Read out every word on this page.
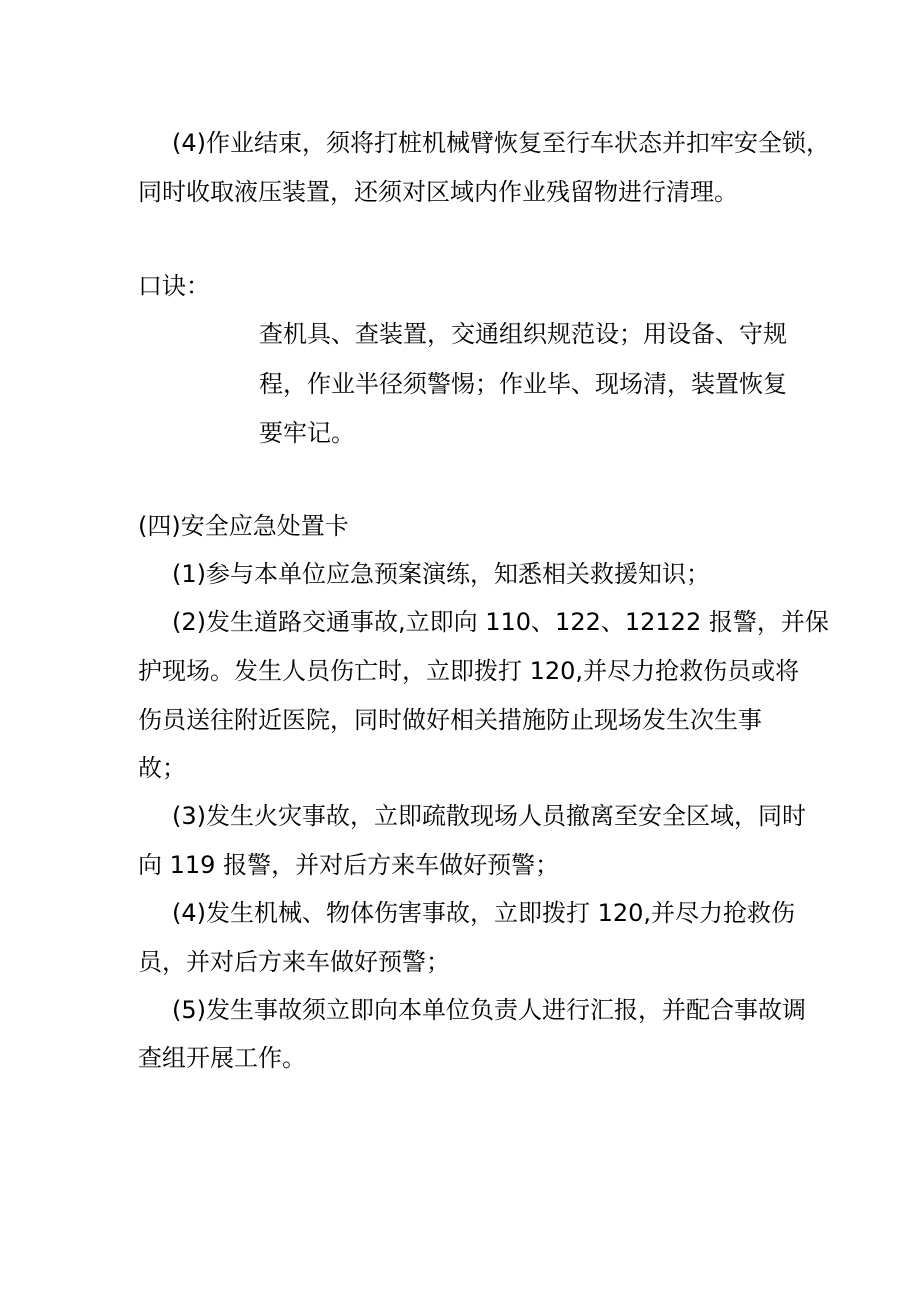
(4)作业结束，须将打桩机械臂恢复至行车状态并扣牢安全锁，
同时收取液压装置，还须对区域内作业残留物进行清理。
口诀：
查机具、查装置，交通组织规范设；用设备、守规
程，作业半径须警惕；作业毕、现场清，装置恢复
要牢记。
(四)安全应急处置卡
(1)参与本单位应急预案演练，知悉相关救援知识；
(2)发生道路交通事故,立即向 110、122、12122 报警，并保
护现场。发生人员伤亡时，立即拨打 120,并尽力抢救伤员或将
伤员送往附近医院，同时做好相关措施防止现场发生次生事
故；
(3)发生火灾事故，立即疏散现场人员撤离至安全区域，同时
向 119 报警，并对后方来车做好预警；
(4)发生机械、物体伤害事故，立即拨打 120,并尽力抢救伤
员，并对后方来车做好预警；
(5)发生事故须立即向本单位负责人进行汇报，并配合事故调
查组开展工作。
